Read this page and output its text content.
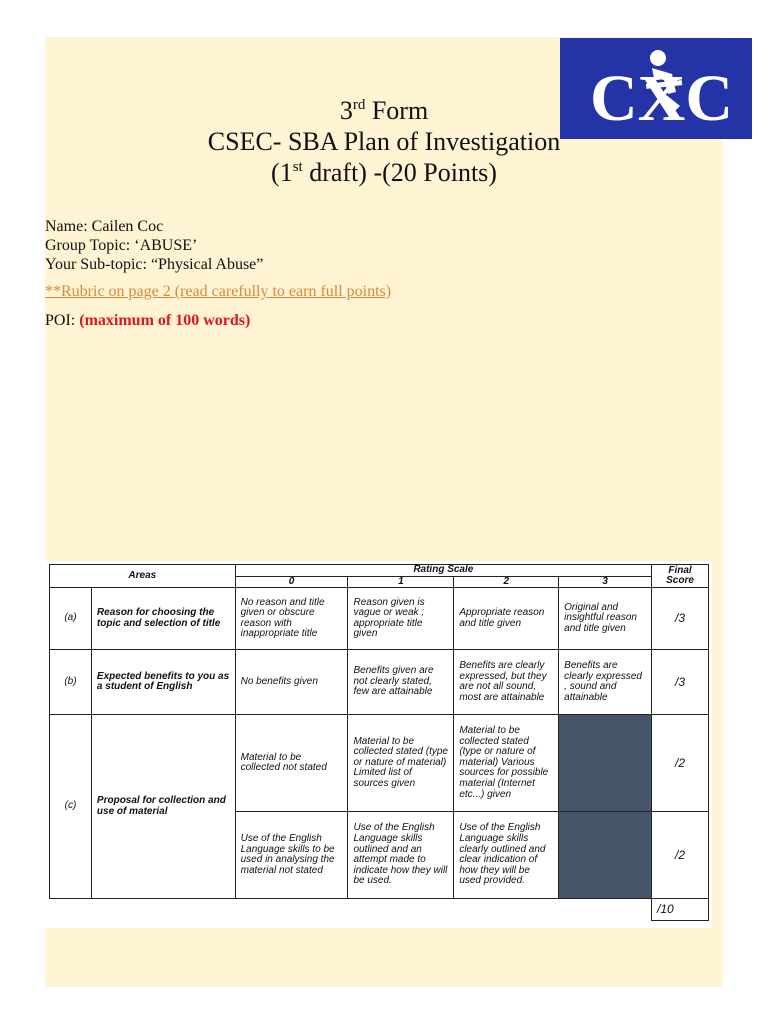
CXC
3rd Form
CSEC- SBA Plan of Investigation
(1st draft) -(20 Points)
Name: Cailen Coc
Group Topic: ‘ABUSE’
Your Sub-topic: “Physical Abuse”
**Rubric on page 2 (read carefully to earn full points)
POI: (maximum of 100 words)
Areas		Rating Scale				Final Score
		0	1	2	3	
(a)	Reason for choosing the topic and selection of title	No reason and title given or obscure reason with inappropriate title	Reason given is vague or weak ; appropriate title given	Appropriate reason and title given	Original and insightful reason and title given	/3
(b)	Expected benefits to you as a student of English	No benefits given	Benefits given are not clearly stated, few are attainable	Benefits are clearly expressed, but they are not all sound, most are attainable	Benefits are clearly expressed , sound and attainable	/3
(c)	Proposal for collection and use of material	Material to be collected not stated	Material to be collected stated (type or nature of material) Limited list of sources given	Material to be collected stated (type or nature of material) Various sources for possible material (Internet etc...) given		/2
		Use of the English Language skills to be used in analysing the material not stated	Use of the English Language skills outlined and an attempt made to indicate how they will be used.	Use of the English Language skills clearly outlined and clear indication of how they will be used provided.		/2
						/10
